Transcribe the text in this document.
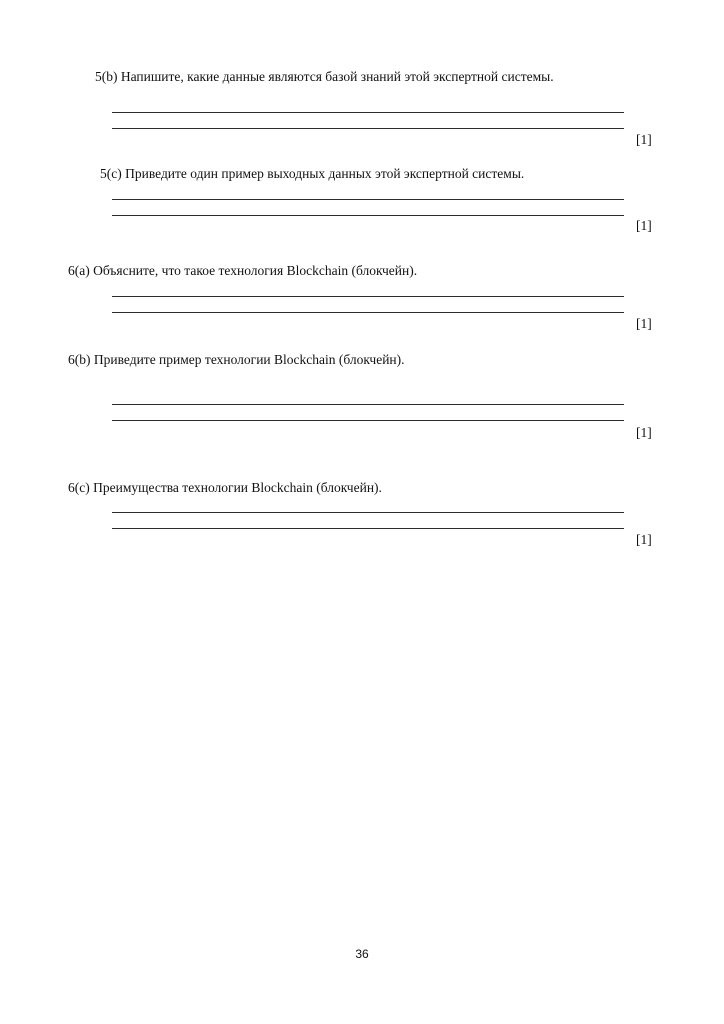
5(b) Напишите, какие данные являются базой знаний этой экспертной системы.
[1]
5(c) Приведите один пример выходных данных этой экспертной системы.
[1]
6(a) Объясните, что такое технология Blockchain (блокчейн).
[1]
6(b) Приведите пример технологии Blockchain (блокчейн).
[1]
6(c) Преимущества технологии Blockchain (блокчейн).
[1]
36
